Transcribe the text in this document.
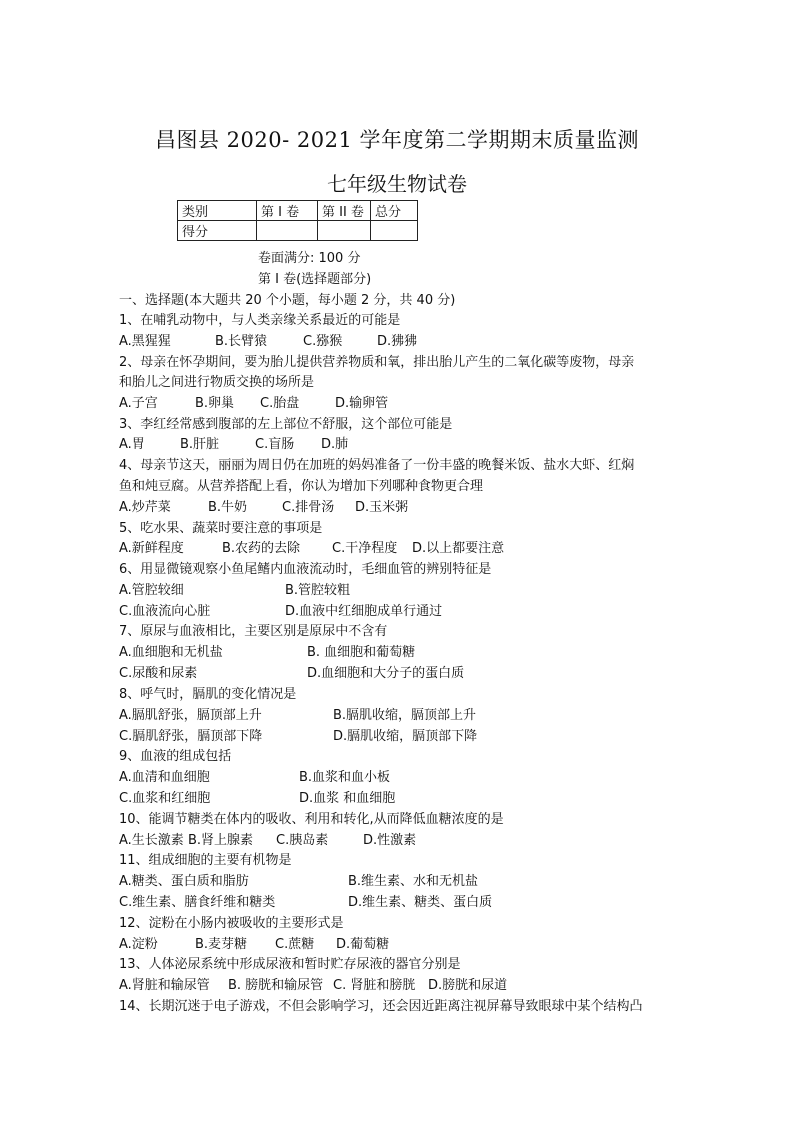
昌图县 2020- 2021 学年度第二学期期末质量监测
七年级生物试卷
类别	第 I 卷	第 II 卷	总分
得分			
卷面满分: 100 分
第 I 卷(选择题部分)
一、选择题(本大题共 20 个小题，每小题 2 分，共 40 分)
1、在哺乳动物中，与人类亲缘关系最近的可能是
A.黑猩猩	B.长臂猿	C.猕猴	D.狒狒
2、母亲在怀孕期间，要为胎儿提供营养物质和氧，排出胎儿产生的二氧化碳等废物，母亲
和胎儿之间进行物质交换的场所是
A.子宫	B.卵巢 C.胎盘	D.输卵管
3、李红经常感到腹部的左上部位不舒服，这个部位可能是
A.胃	B.肝脏	C.盲肠 D.肺
4、母亲节这天，丽丽为周日仍在加班的妈妈准备了一份丰盛的晚餐米饭、盐水大虾、红焖
鱼和炖豆腐。从营养搭配上看，你认为增加下列哪种食物更合理
A.炒芹菜	B.牛奶	C.排骨汤 D.玉米粥
5、吃水果、蔬菜时要注意的事项是
A.新鲜程度	B.农药的去除 C.干净程度 D.以上都要注意
6、用显微镜观察小鱼尾鳍内血液流动时，毛细血管的辨别特征是
A.管腔较细	B.管腔较粗
C.血液流向心脏	D.血液中红细胞成单行通过
7、原尿与血液相比，主要区别是原尿中不含有
A.血细胞和无机盐	B. 血细胞和葡萄糖
C.尿酸和尿素	D.血细胞和大分子的蛋白质
8、呼气时，膈肌的变化情况是
A.膈肌舒张，膈顶部上升	B.膈肌收缩，膈顶部上升
C.膈肌舒张，膈顶部下降	D.膈肌收缩，膈顶部下降
9、血液的组成包括
A.血清和血细胞	B.血浆和血小板
C.血浆和红细胞	D.血浆 和血细胞
10、能调节糖类在体内的吸收、利用和转化,从而降低血糖浓度的是
A.生长激素 B.肾上腺素 C.胰岛素	D.性激素
11、组成细胞的主要有机物是
A.糖类、蛋白质和脂肪	B.维生素、水和无机盐
C.维生素、膳食纤维和糖类	D.维生素、糖类、蛋白质
12、淀粉在小肠内被吸收的主要形式是
A.淀粉	B.麦芽糖 C.蔗糖 D.葡萄糖
13、人体泌尿系统中形成尿液和暂时贮存尿液的器官分别是
A.肾脏和输尿管 B. 膀胱和输尿管 C. 肾脏和膀胱 D.膀胱和尿道
14、长期沉迷于电子游戏，不但会影响学习，还会因近距离注视屏幕导致眼球中某个结构凸
